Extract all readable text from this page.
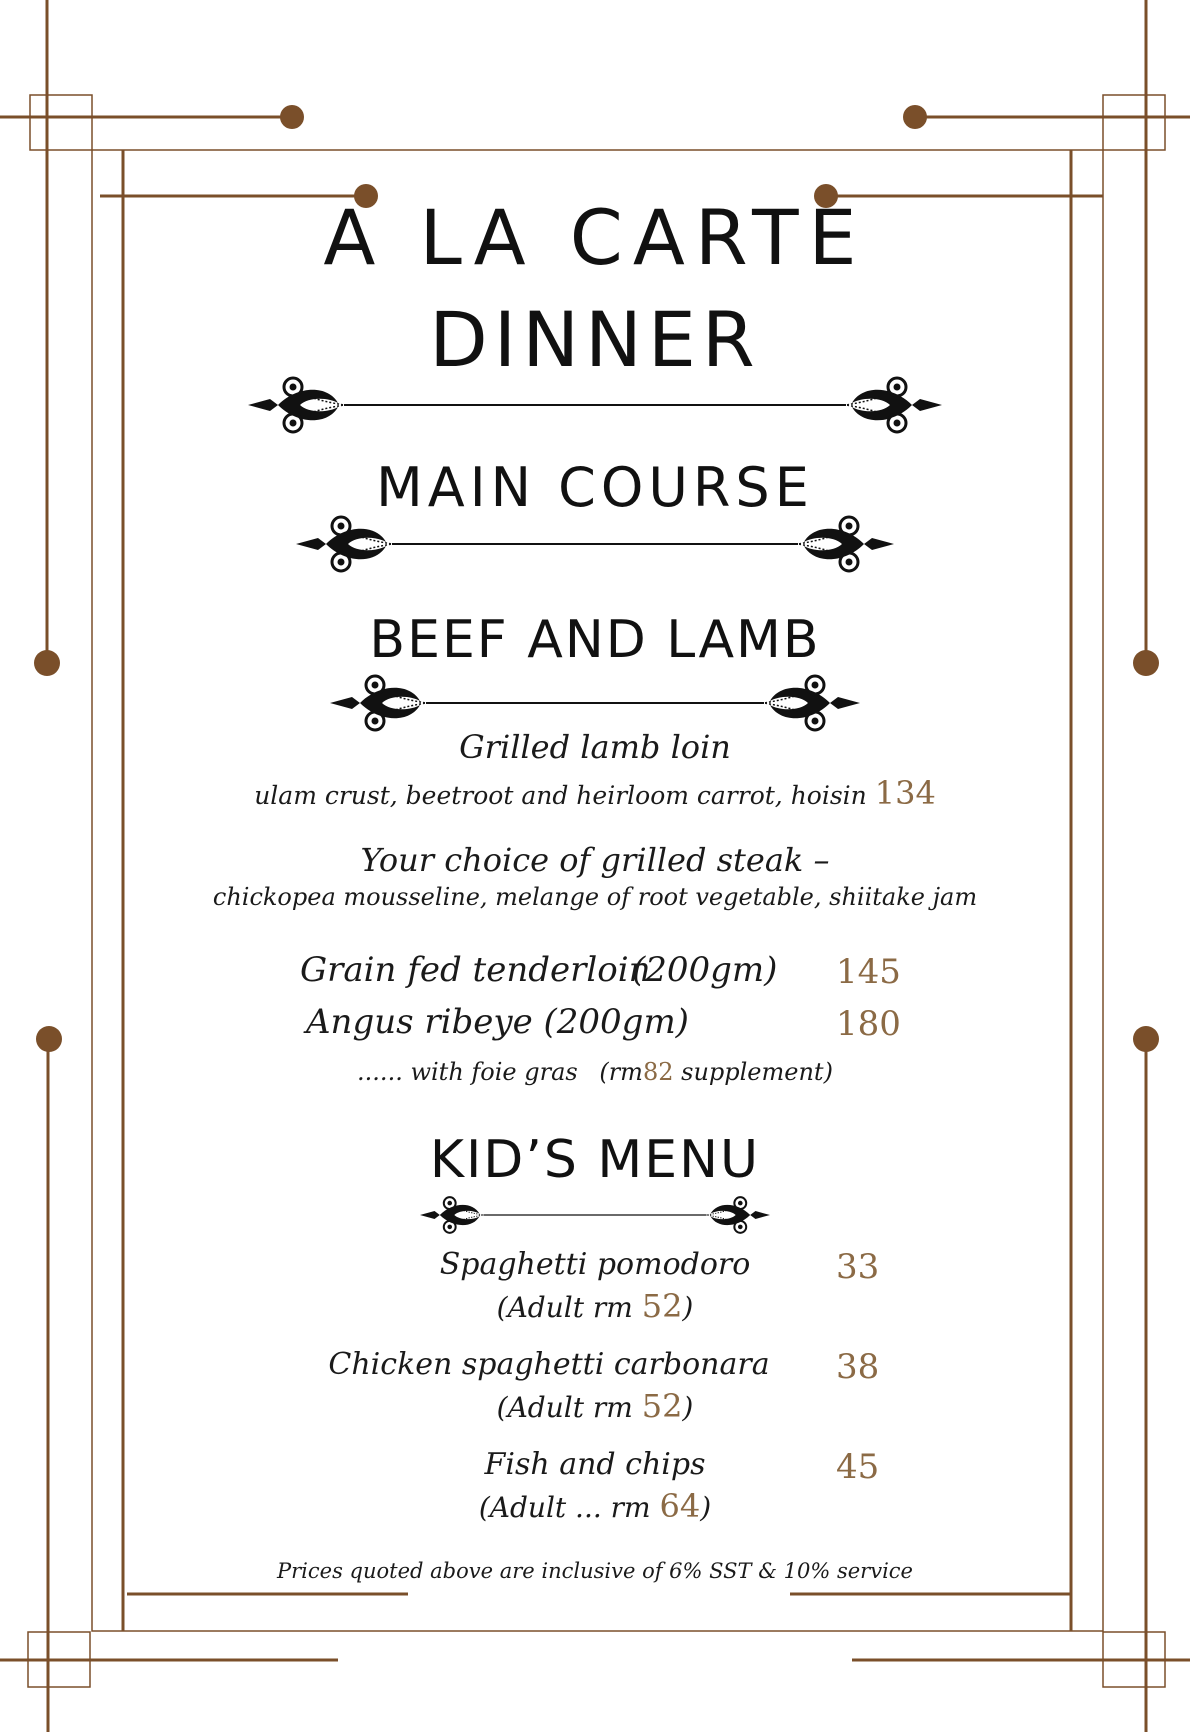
A LA CARTE
DINNER
MAIN COURSE
BEEF AND LAMB
Grilled lamb loin
ulam crust, beetroot and heirloom carrot, hoisin 134
Your choice of grilled steak –
chickopea mousseline, melange of root vegetable, shiitake jam
Grain fed tenderloin
(200gm) 145
Angus ribeye (200gm)	180
...... with foie gras (rm82 supplement)
KID’S MENU
Spaghetti pomodoro	33
(Adult rm 52)
Chicken spaghetti carbonara	38
(Adult rm 52)
Fish and chips	45
(Adult ... rm 64)
Prices quoted above are inclusive of 6% SST & 10% service
